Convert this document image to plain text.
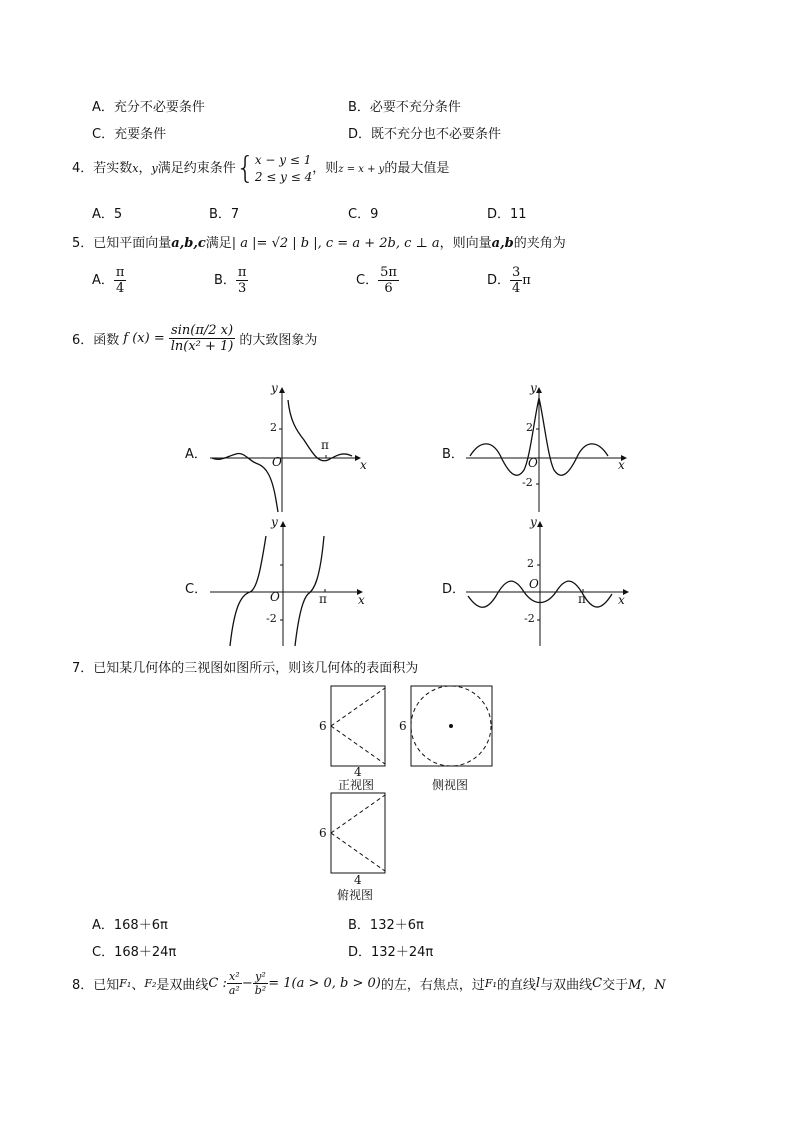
A．充分不必要条件	B．必要不充分条件
C．充要条件	D．既不充分也不必要条件
4．若实数x，y满足约束条件{ x − y ≤ 1
2 ≤ y ≤ 4
，则z = x + y的最大值是
A．5	B．7	C．9	D．11
5．已知平面向量a,b,c满足| a |= √2 | b |, c = a + 2b, c ⊥ a，则向量a,b的夹角为
A． $\frac{\pi}{4}$	B． $\frac{\pi}{3}$	C． $\frac{5\pi}{6}$	D． $\frac{3}{4}$ π
6．函数 f $(x) = \frac{\sin(\pi/2 x)}{\text{ln(x² + 1)}}$ 的大致图象为
A．	B．
C．	D．
y
x
O
π
2
y
x
O
2
-2
y
x
O	π
-2
y
x
O
π
2
-2
7．已知某几何体的三视图如图所示，则该几何体的表面积为
6
4
正视图
6
侧视图
6
4
俯视图
A．168＋6π	B．132＋6π
C．168＋24π	D．132＋24π
8．已知F₁、F₂是双曲线C : $\frac{\text{x²}}{\text{a²}} - \frac{\text{y²}}{\text{b²}} = 1(a > 0$, b > 0)的左，右焦点，过F₁的直线l与双曲线C交于M，N
